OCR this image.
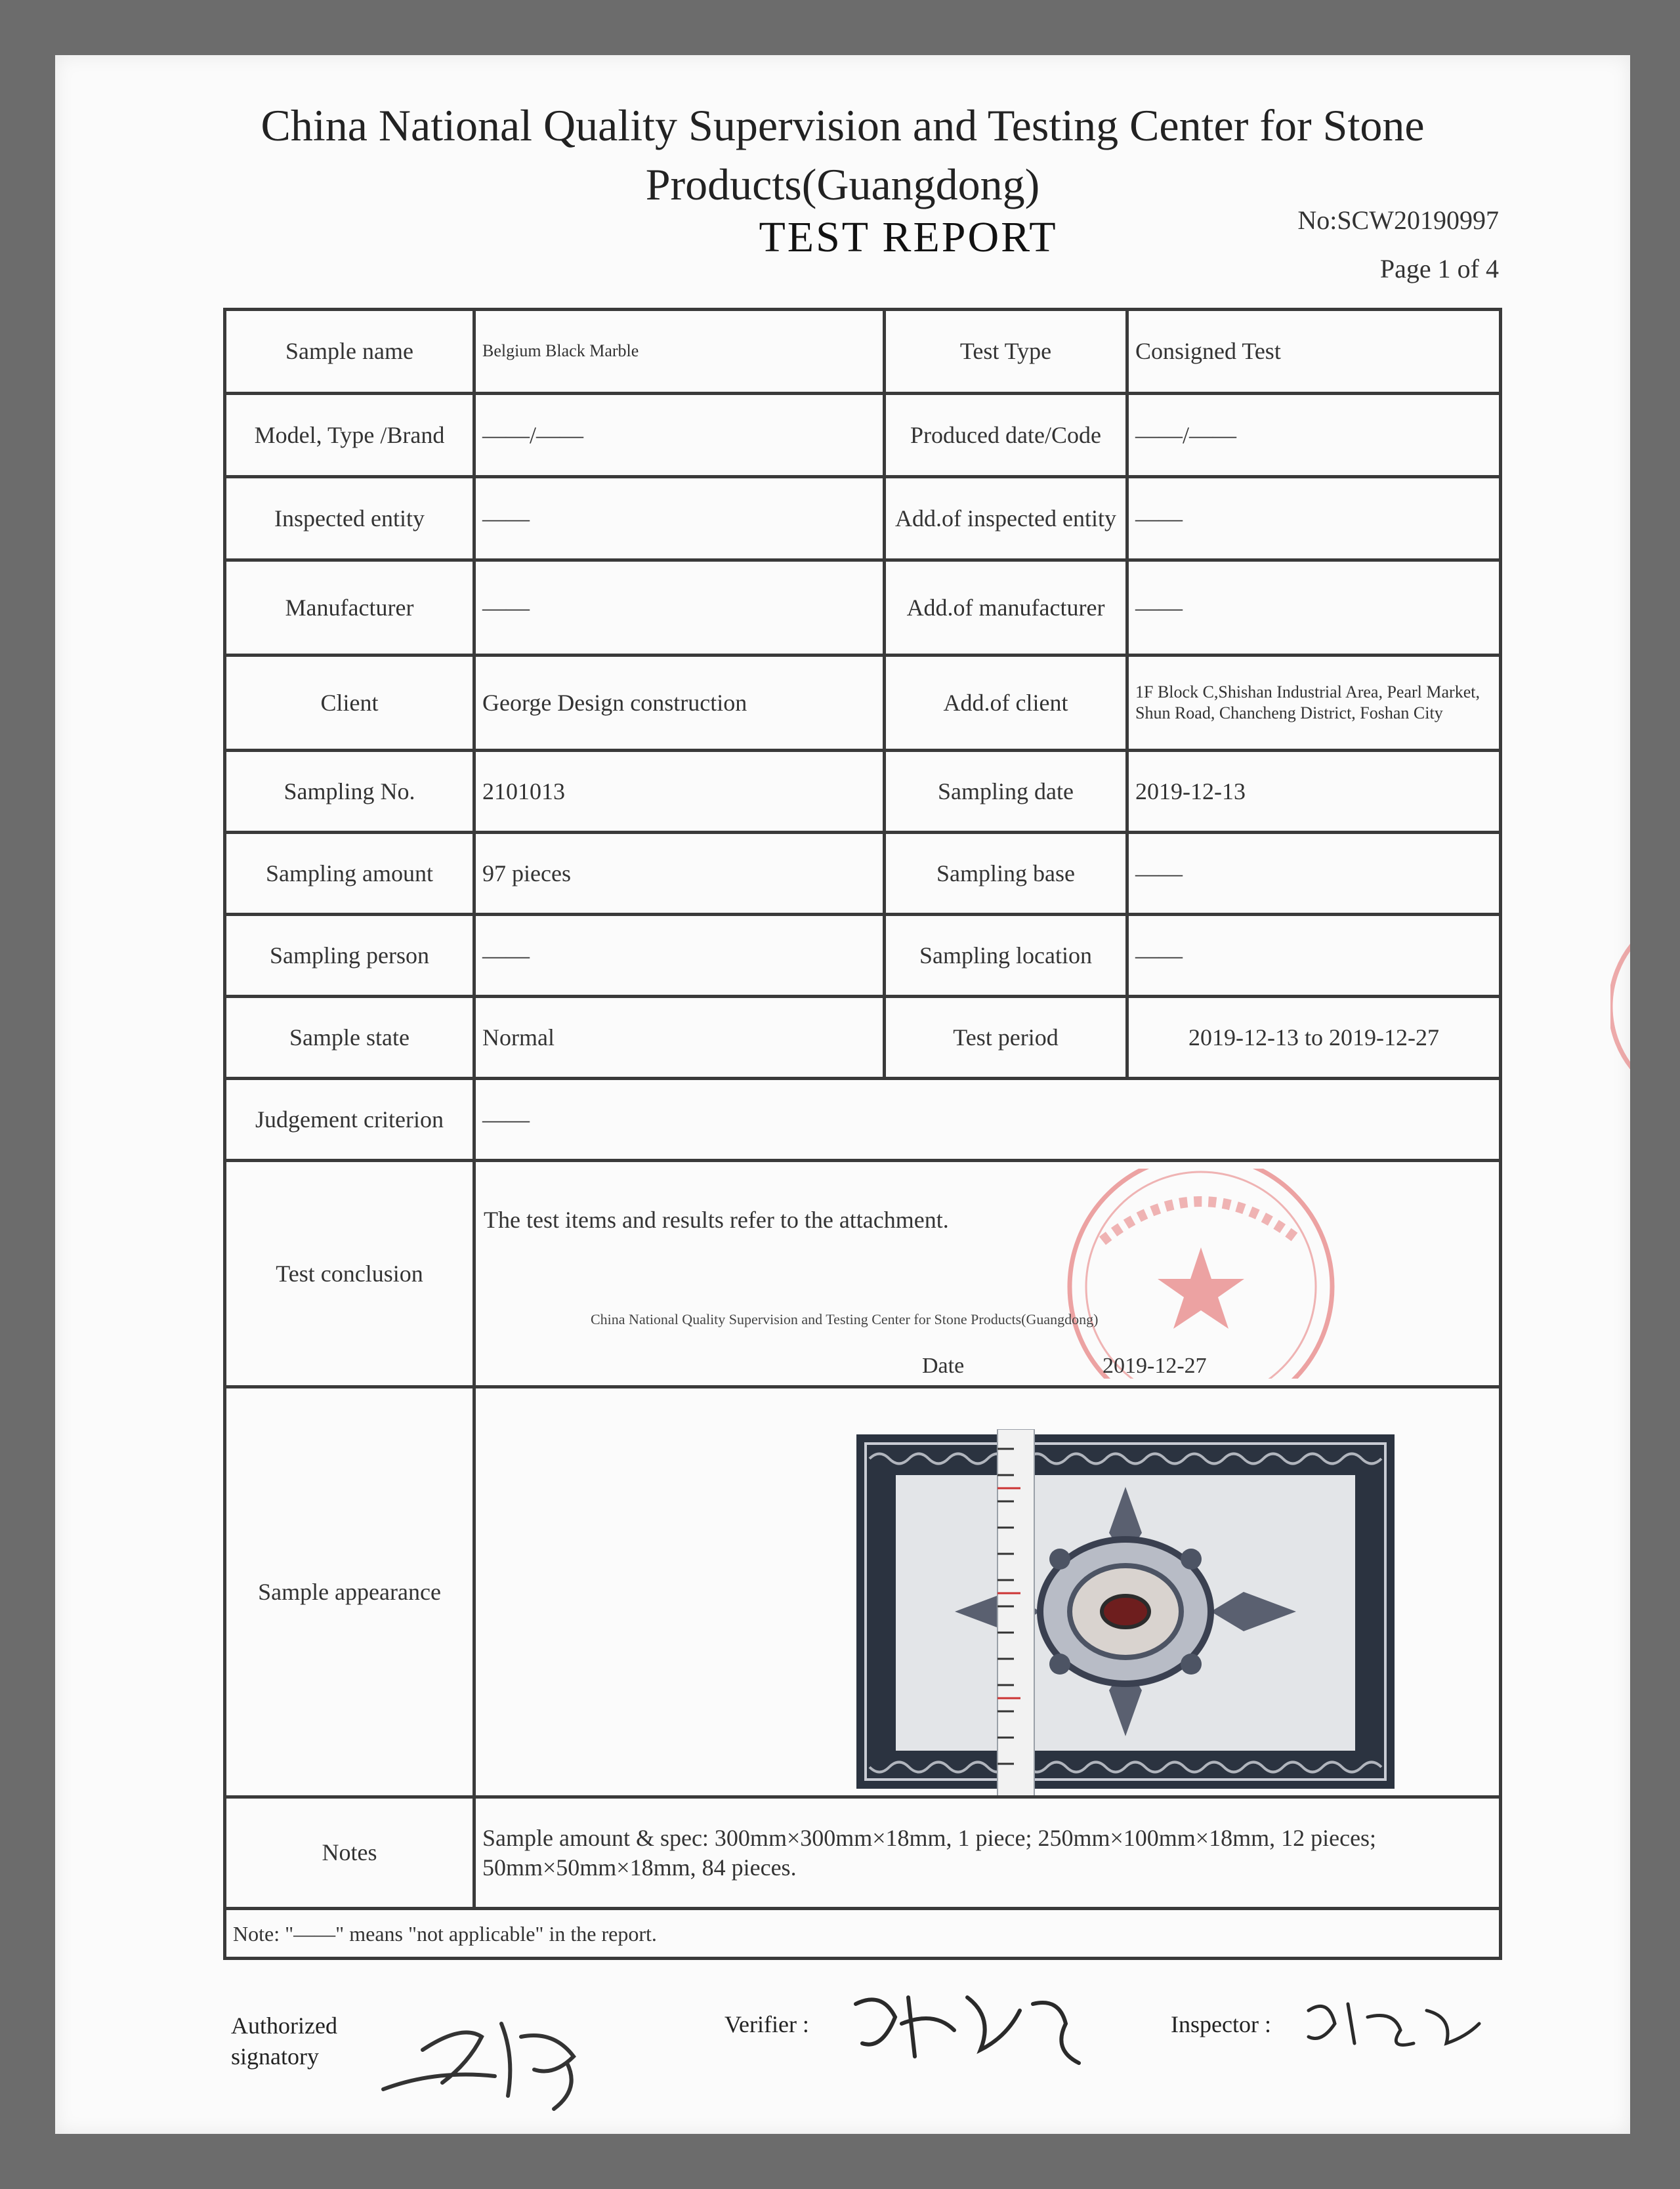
China National Quality Supervision and Testing Center for Stone Products(Guangdong)
TEST REPORT	No:SCW20190997
Page 1 of 4
Sample name	Belgium Black Marble	Test Type	Consigned Test
Model, Type /Brand	——/——	Produced date/Code	——/——
Inspected entity	——	Add.of inspected entity	——
Manufacturer	——	Add.of manufacturer	——
Client	George Design construction	Add.of client	1F Block C,Shishan Industrial Area, Pearl Market, Shun Road, Chancheng District, Foshan City
Sampling No.	2101013	Sampling date	2019-12-13
Sampling amount	97 pieces	Sampling base	——
Sampling person	——	Sampling location	——
Sample state	Normal	Test period	2019-12-13 to 2019-12-27
Judgement criterion	——		
Test conclusion	The test items and results refer to the attachment.
China National Quality Supervision and Testing Center for Stone Products(Guangdong)
Date 2019-12-27		

Sample appearance	

Notes	Sample amount & spec: 300mm×300mm×18mm, 1 piece; 250mm×100mm×18mm, 12 pieces; 50mm×50mm×18mm, 84 pieces.		
Note: "——" means "not applicable" in the report.			
Authorized signatory
Verifier :	Inspector :
